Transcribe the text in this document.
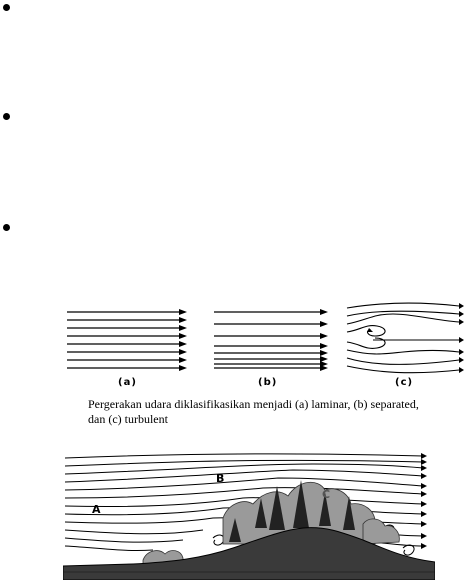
(a)	(b)	(c)
Pergerakan udara diklasifikasikan menjadi (a) laminar, (b) separated,
dan (c) turbulent
A
B
C
